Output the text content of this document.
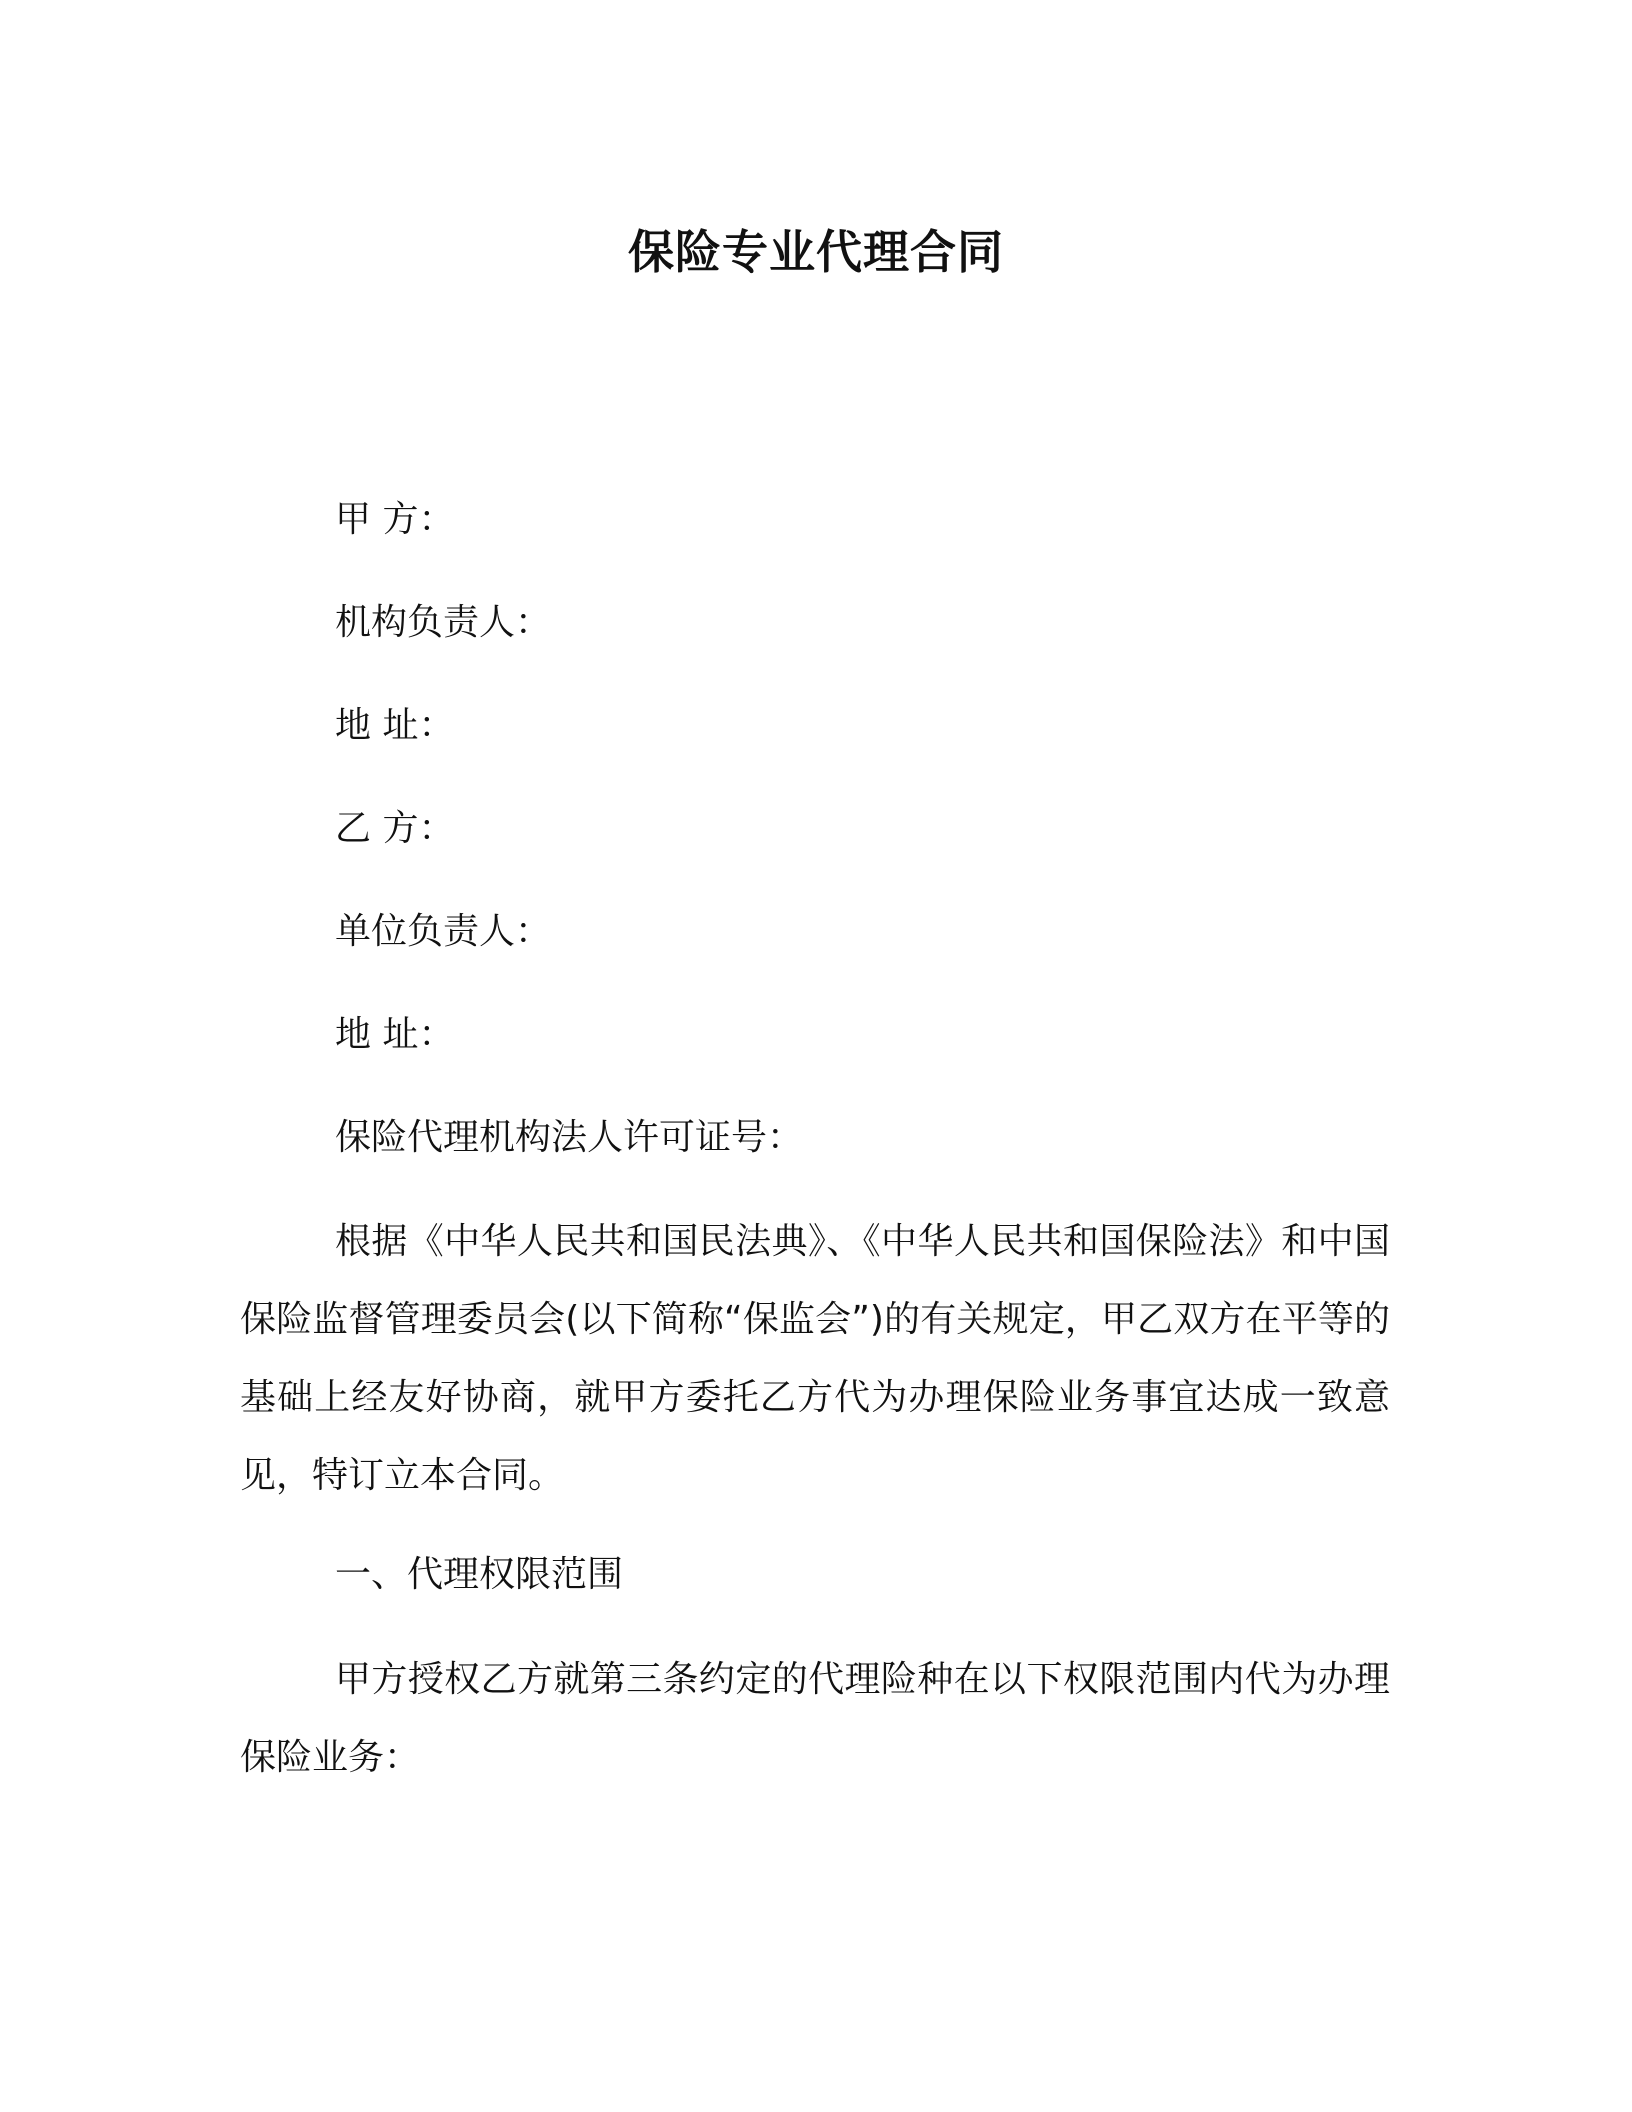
保险专业代理合同
甲 方：
机构负责人：
地 址：
乙 方：
单位负责人：
地 址：
保险代理机构法人许可证号：

根据《中华人民共和国民法典》、《中华人民共和国保险法》和中国保险监督管理委员会(以下简称“保监会”)的有关规定，甲乙双方在平等的基础上经友好协商，就甲方委托乙方代为办理保险业务事宜达成一致意见，特订立本合同。

一、代理权限范围

甲方授权乙方就第三条约定的代理险种在以下权限范围内代为办理保险业务：
